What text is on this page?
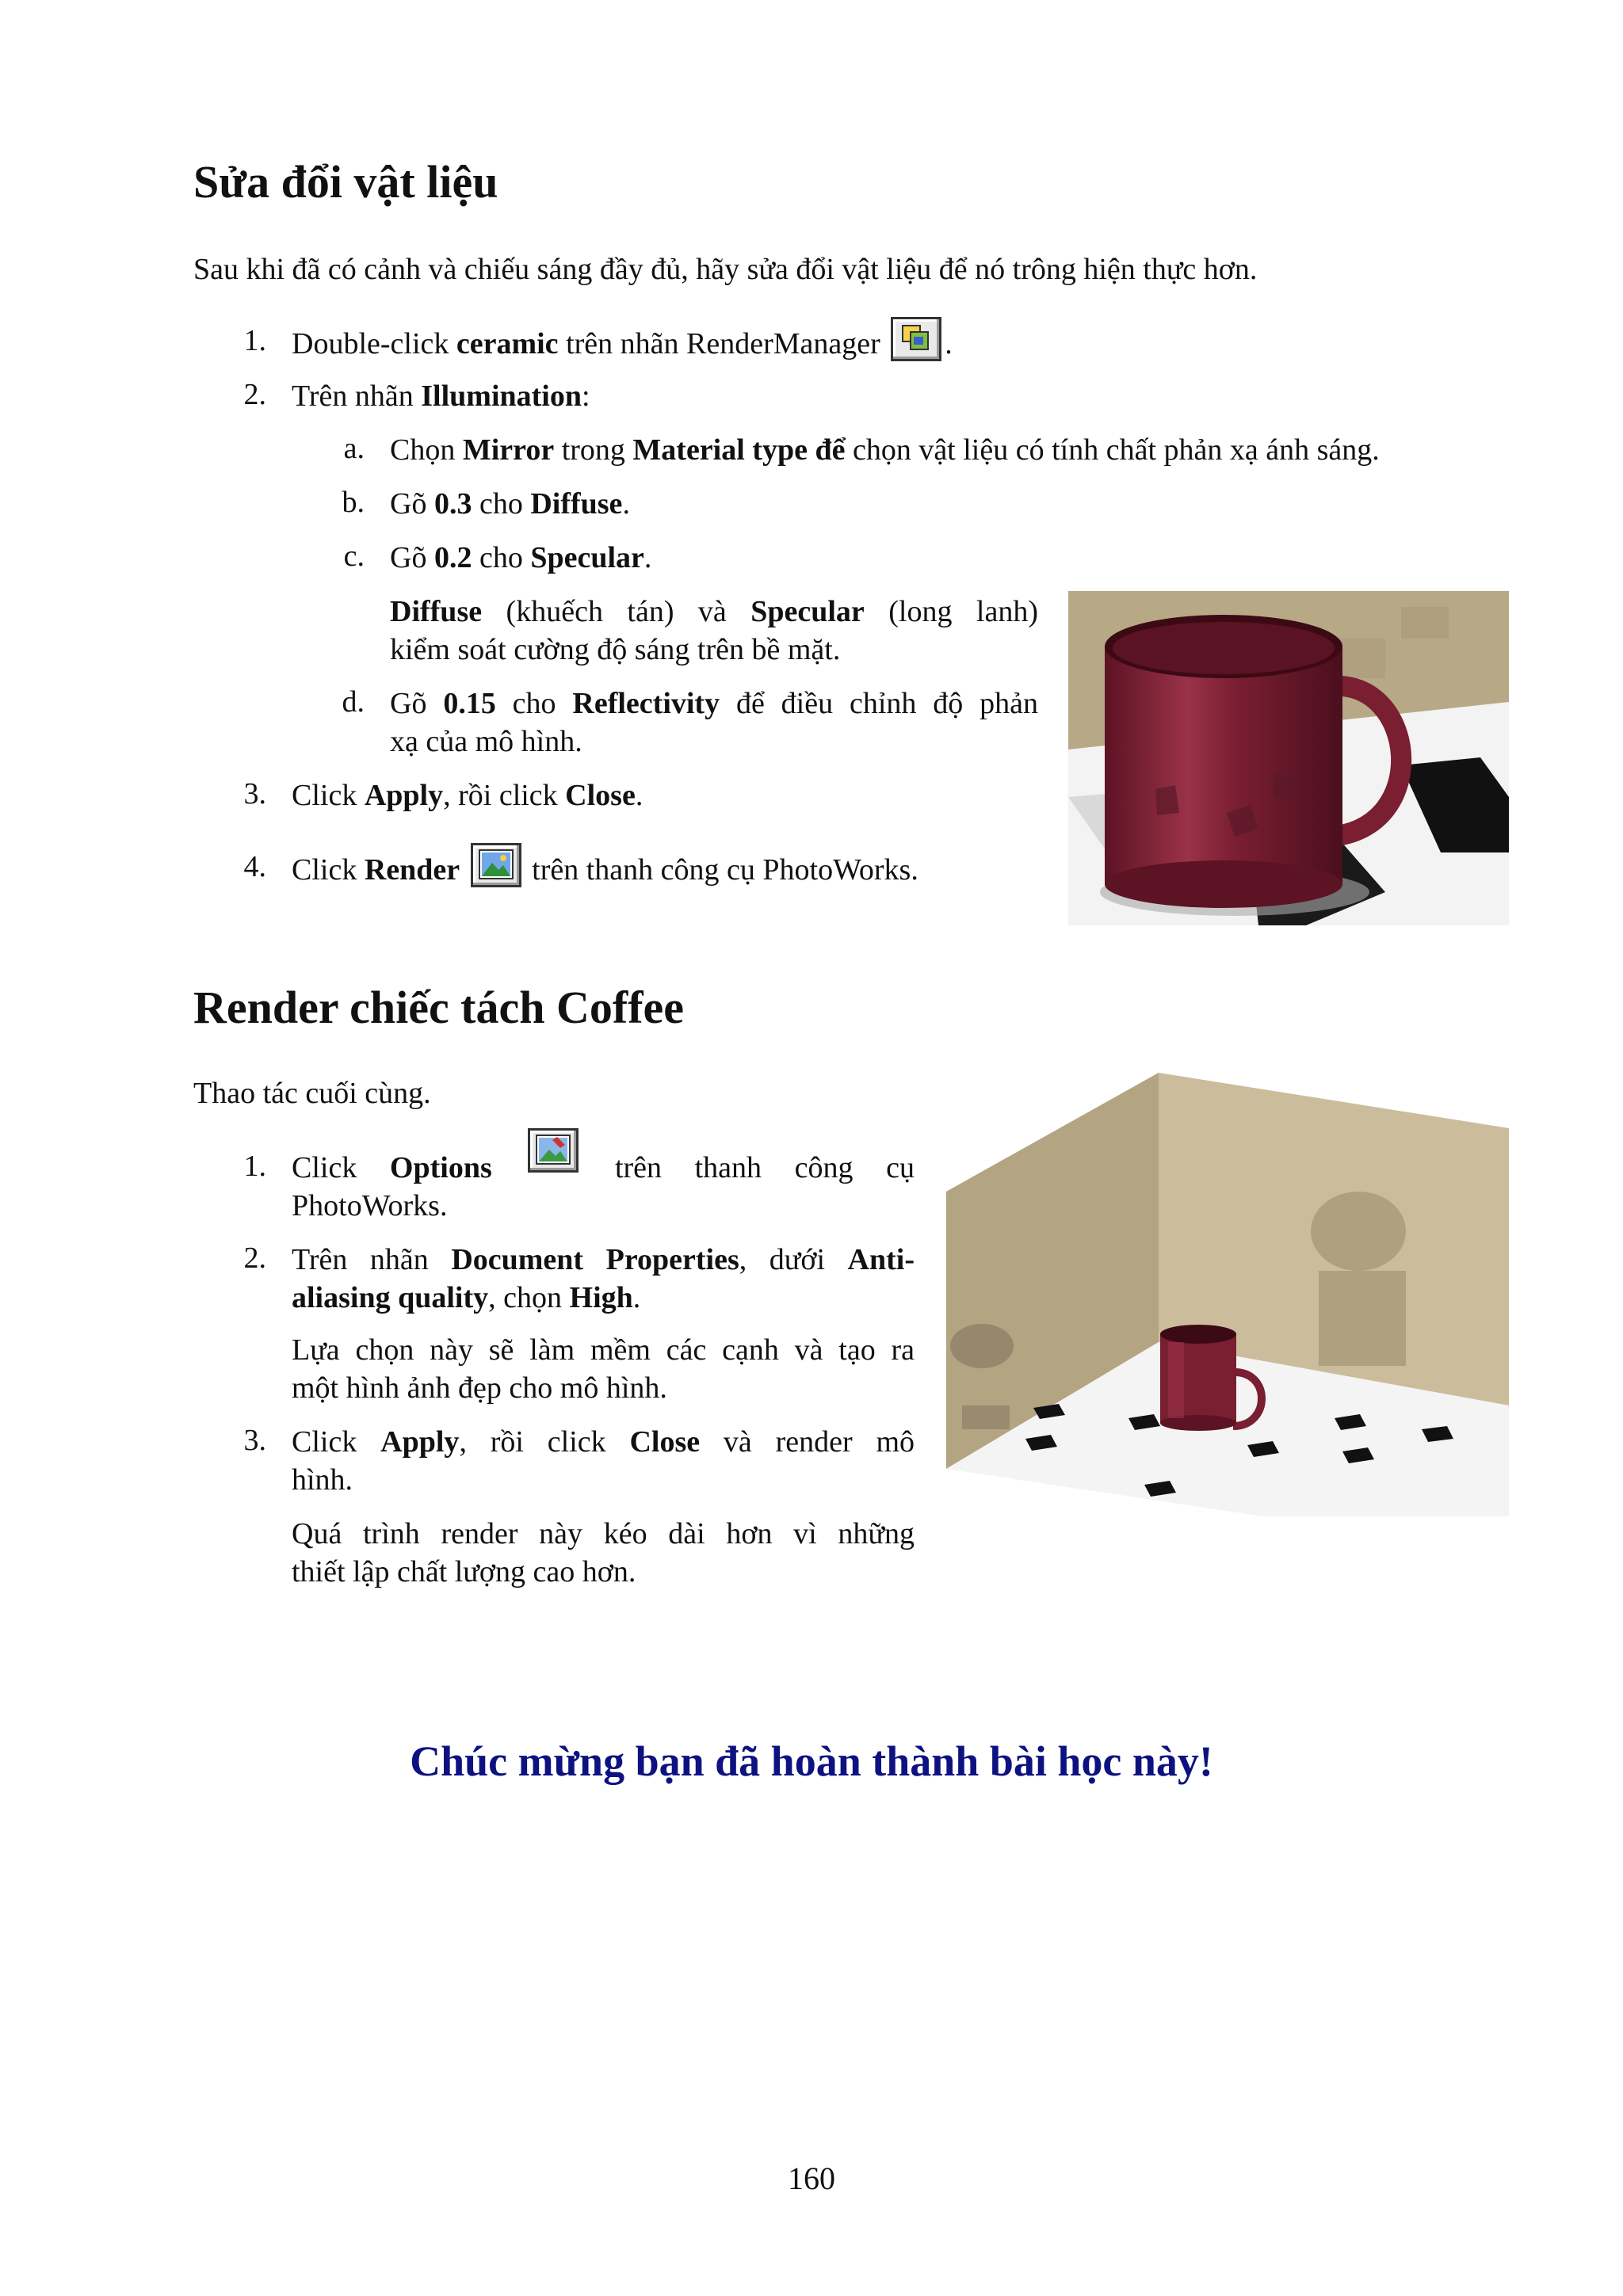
Sửa đổi vật liệu
Sau khi đã có cảnh và chiếu sáng đầy đủ, hãy sửa đổi vật liệu để nó trông hiện thực hơn.
1. Double-click ceramic trên nhãn RenderManager .
2. Trên nhãn Illumination:
a. Chọn Mirror trong Material type để chọn vật liệu có tính chất phản xạ ánh sáng.
b. Gõ 0.3 cho Diffuse.
c. Gõ 0.2 cho Specular.
Diffuse (khuếch tán) và Specular (long lanh)
kiểm soát cường độ sáng trên bề mặt.
d. Gõ 0.15 cho Reflectivity để điều chỉnh độ phản
xạ của mô hình.
3. Click Apply, rồi click Close.
4. Click Render
trên thanh công cụ PhotoWorks.
Render chiếc tách Coffee
Thao tác cuối cùng.
1. Click Options	trên thanh công cụ
PhotoWorks.
2. Trên nhãn Document Properties, dưới Anti-
aliasing quality, chọn High.
Lựa chọn này sẽ làm mềm các cạnh và tạo ra
một hình ảnh đẹp cho mô hình.
3. Click Apply, rồi click Close và render mô
hình.
Quá trình render này kéo dài hơn vì những
thiết lập chất lượng cao hơn.
Chúc mừng bạn đã hoàn thành bài học này!
160
